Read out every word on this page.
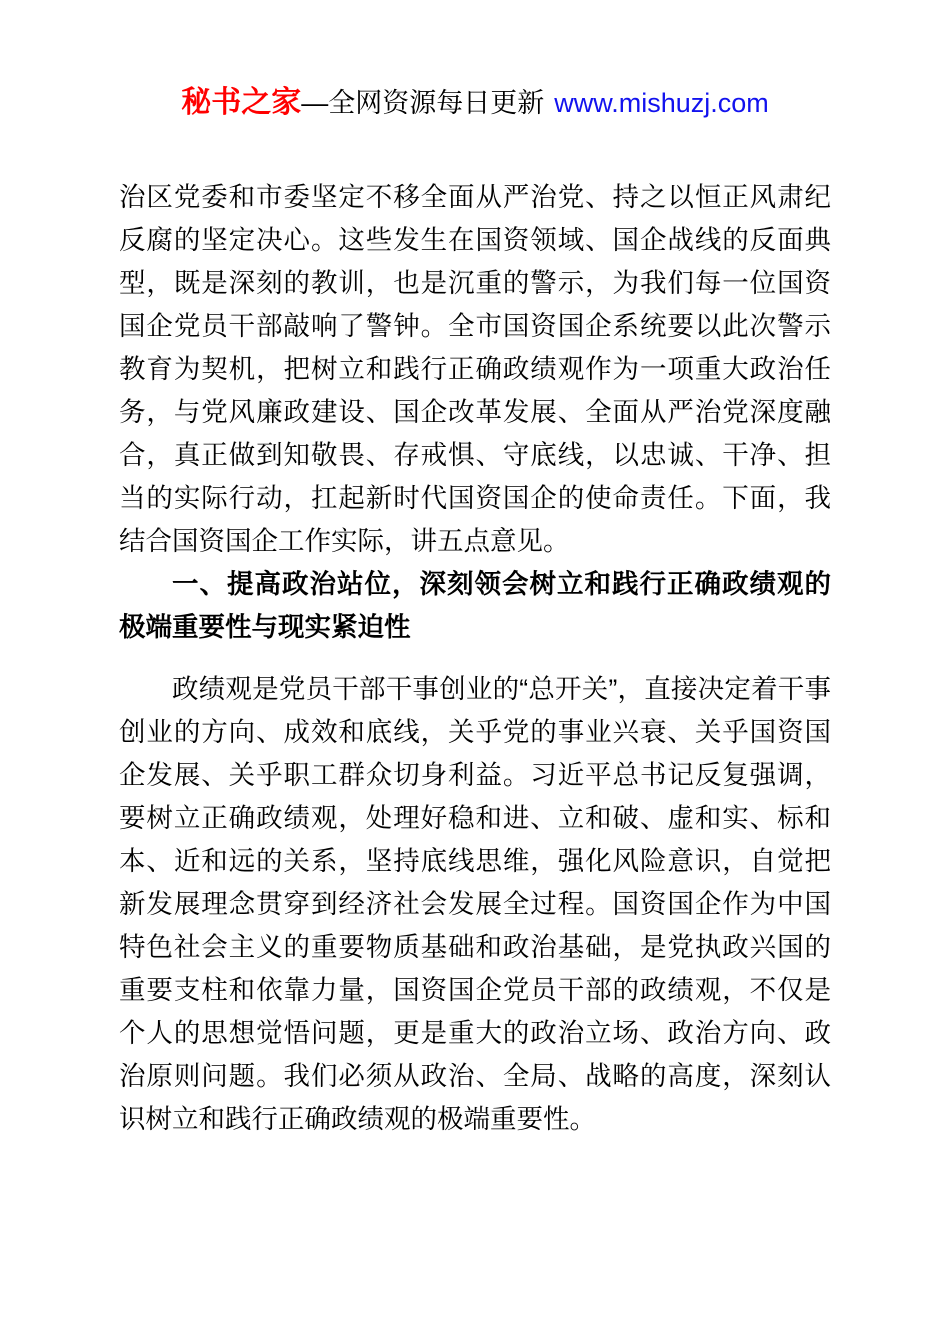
秘书之家—全网资源每日更新 www.mishuzj.com

治区党委和市委坚定不移全面从严治党、持之以恒正风肃纪反腐的坚定决心。这些发生在国资领域、国企战线的反面典型，既是深刻的教训，也是沉重的警示，为我们每一位国资国企党员干部敲响了警钟。全市国资国企系统要以此次警示教育为契机，把树立和践行正确政绩观作为一项重大政治任务，与党风廉政建设、国企改革发展、全面从严治党深度融合，真正做到知敬畏、存戒惧、守底线，以忠诚、干净、担当的实际行动，扛起新时代国资国企的使命责任。下面，我结合国资国企工作实际，讲五点意见。

一、提高政治站位，深刻领会树立和践行正确政绩观的极端重要性与现实紧迫性

政绩观是党员干部干事创业的“总开关”，直接决定着干事创业的方向、成效和底线，关乎党的事业兴衰、关乎国资国企发展、关乎职工群众切身利益。习近平总书记反复强调，要树立正确政绩观，处理好稳和进、立和破、虚和实、标和本、近和远的关系，坚持底线思维，强化风险意识，自觉把新发展理念贯穿到经济社会发展全过程。国资国企作为中国特色社会主义的重要物质基础和政治基础，是党执政兴国的重要支柱和依靠力量，国资国企党员干部的政绩观，不仅是个人的思想觉悟问题，更是重大的政治立场、政治方向、政治原则问题。我们必须从政治、全局、战略的高度，深刻认识树立和践行正确政绩观的极端重要性。
